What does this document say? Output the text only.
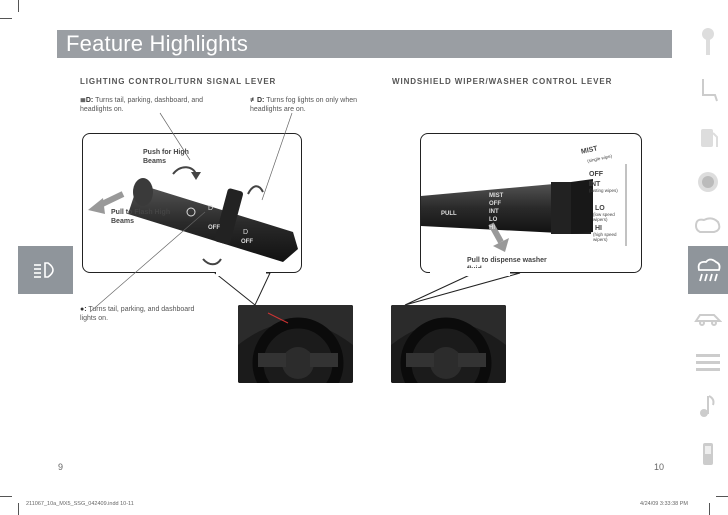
Feature Highlights
LIGHTING CONTROL/TURN SIGNAL LEVER	WINDSHIELD WIPER/WASHER CONTROL LEVER
≣D: Turns tail, parking, dashboard, and headlights on.
≢D: Turns fog lights on only when headlights are on.
D
D
Push for High Beams
Pull to Flash High Beams
OFF
OFF
●: Turns tail, parking, and dashboard lights on.
PULL
MIST
OFF
INT
LO
HI
MIST
(single wipe)
OFF
INT
(lasting wipes)
LO
(low speed wipers)
HI
(high speed wipers)
Pull to dispense washer
9	10
211067_10a_MX5_SSG_042409.indd 10-11	4/24/09 3:33:38 PM
